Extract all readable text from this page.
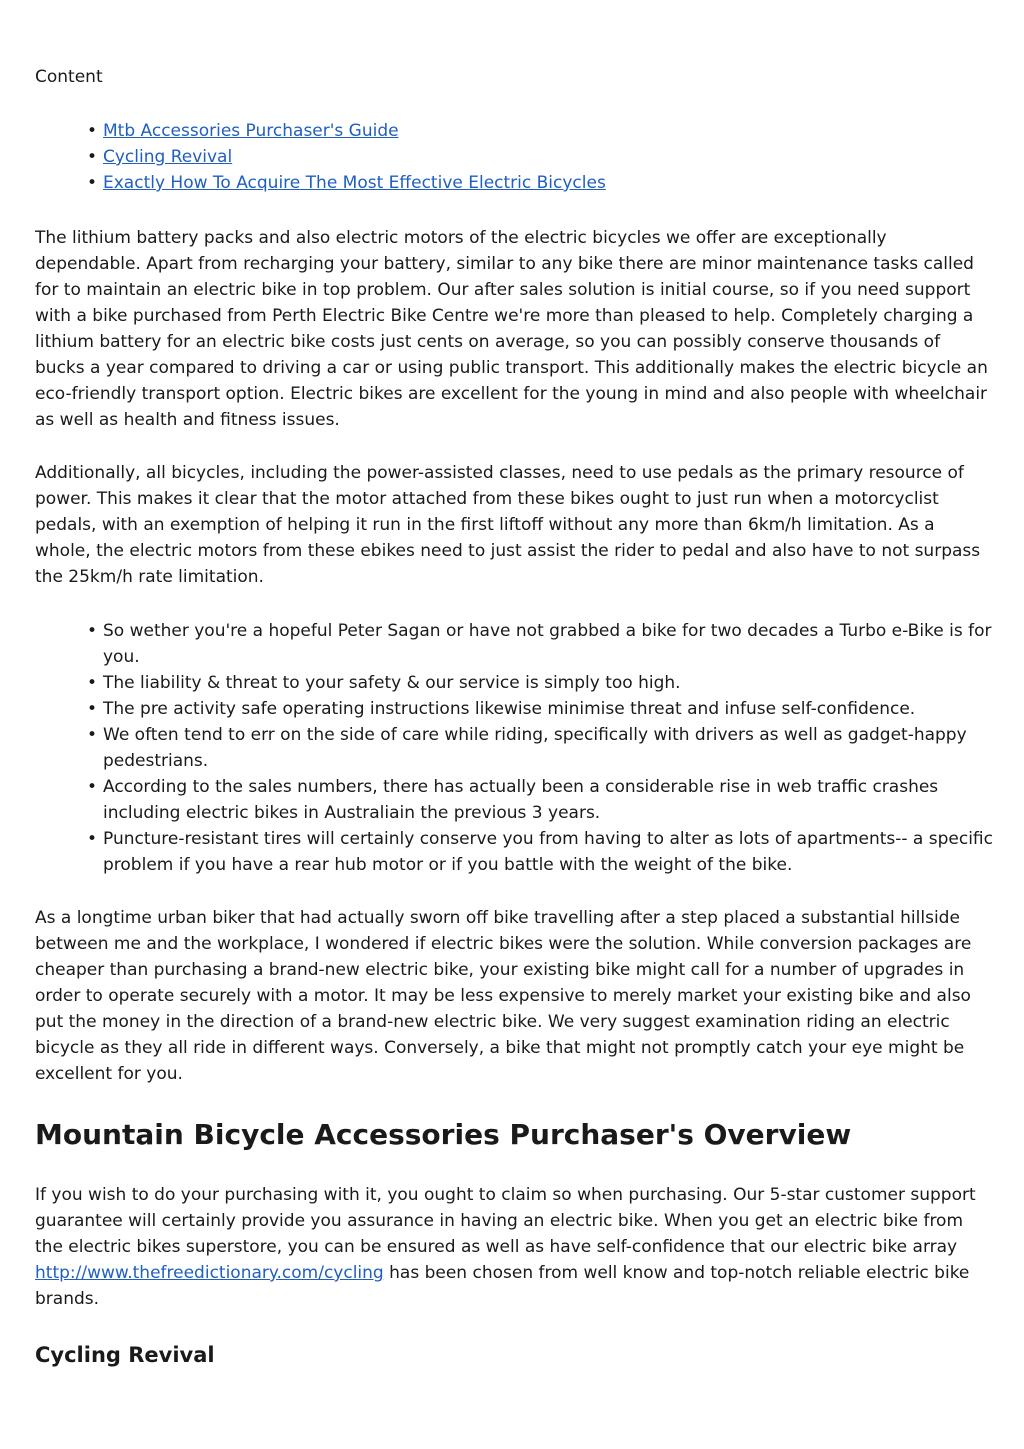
Content
• Mtb Accessories Purchaser's Guide
• Cycling Revival
• Exactly How To Acquire The Most Effective Electric Bicycles

The lithium battery packs and also electric motors of the electric bicycles we offer are exceptionally dependable. Apart from recharging your battery, similar to any bike there are minor maintenance tasks called for to maintain an electric bike in top problem. Our after sales solution is initial course, so if you need support with a bike purchased from Perth Electric Bike Centre we're more than pleased to help. Completely charging a lithium battery for an electric bike costs just cents on average, so you can possibly conserve thousands of bucks a year compared to driving a car or using public transport. This additionally makes the electric bicycle an eco-friendly transport option. Electric bikes are excellent for the young in mind and also people with wheelchair as well as health and fitness issues.

Additionally, all bicycles, including the power-assisted classes, need to use pedals as the primary resource of power. This makes it clear that the motor attached from these bikes ought to just run when a motorcyclist pedals, with an exemption of helping it run in the first liftoff without any more than 6km/h limitation. As a whole, the electric motors from these ebikes need to just assist the rider to pedal and also have to not surpass the 25km/h rate limitation.

• So wether you're a hopeful Peter Sagan or have not grabbed a bike for two decades a Turbo e-Bike is for you.
• The liability & threat to your safety & our service is simply too high.
• The pre activity safe operating instructions likewise minimise threat and infuse self-confidence.
• We often tend to err on the side of care while riding, specifically with drivers as well as gadget-happy pedestrians.
• According to the sales numbers, there has actually been a considerable rise in web traffic crashes including electric bikes in Australiain the previous 3 years.
• Puncture-resistant tires will certainly conserve you from having to alter as lots of apartments-- a specific problem if you have a rear hub motor or if you battle with the weight of the bike.

As a longtime urban biker that had actually sworn off bike travelling after a step placed a substantial hillside between me and the workplace, I wondered if electric bikes were the solution. While conversion packages are cheaper than purchasing a brand-new electric bike, your existing bike might call for a number of upgrades in order to operate securely with a motor. It may be less expensive to merely market your existing bike and also put the money in the direction of a brand-new electric bike. We very suggest examination riding an electric bicycle as they all ride in different ways. Conversely, a bike that might not promptly catch your eye might be excellent for you.

Mountain Bicycle Accessories Purchaser's Overview

If you wish to do your purchasing with it, you ought to claim so when purchasing. Our 5-star customer support guarantee will certainly provide you assurance in having an electric bike. When you get an electric bike from the electric bikes superstore, you can be ensured as well as have self-confidence that our electric bike array http://www.thefreedictionary.com/cycling has been chosen from well know and top-notch reliable electric bike brands.

Cycling Revival
